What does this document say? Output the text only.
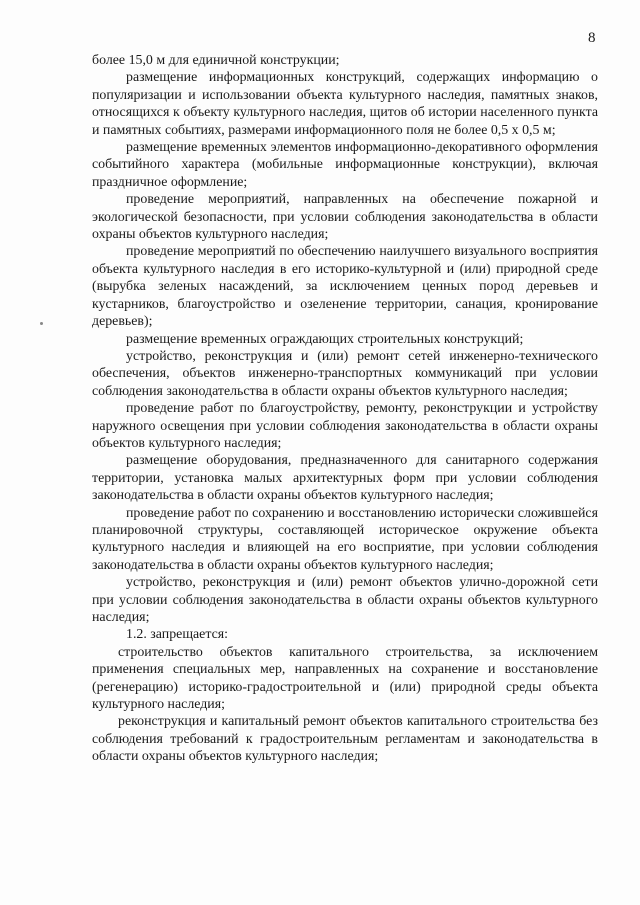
8

более 15,0 м для единичной конструкции;

размещение информационных конструкций, содержащих информацию о популяризации и использовании объекта культурного наследия, памятных знаков, относящихся к объекту культурного наследия, щитов об истории населенного пункта и памятных событиях, размерами информационного поля не более 0,5 х 0,5 м;

размещение временных элементов информационно-декоративного оформления событийного характера (мобильные информационные конструкции), включая праздничное оформление;

проведение мероприятий, направленных на обеспечение пожарной и экологической безопасности, при условии соблюдения законодательства в области охраны объектов культурного наследия;

проведение мероприятий по обеспечению наилучшего визуального восприятия объекта культурного наследия в его историко-культурной и (или) природной среде (вырубка зеленых насаждений, за исключением ценных пород деревьев и кустарников, благоустройство и озеленение территории, санация, кронирование деревьев);

размещение временных ограждающих строительных конструкций;

устройство, реконструкция и (или) ремонт сетей инженерно-технического обеспечения, объектов инженерно-транспортных коммуникаций при условии соблюдения законодательства в области охраны объектов культурного наследия;

проведение работ по благоустройству, ремонту, реконструкции и устройству наружного освещения при условии соблюдения законодательства в области охраны объектов культурного наследия;

размещение оборудования, предназначенного для санитарного содержания территории, установка малых архитектурных форм при условии соблюдения законодательства в области охраны объектов культурного наследия;

проведение работ по сохранению и восстановлению исторически сложившейся планировочной структуры, составляющей историческое окружение объекта культурного наследия и влияющей на его восприятие, при условии соблюдения законодательства в области охраны объектов культурного наследия;

устройство, реконструкция и (или) ремонт объектов улично-дорожной сети при условии соблюдения законодательства в области охраны объектов культурного наследия;

1.2. запрещается:

строительство объектов капитального строительства, за исключением применения специальных мер, направленных на сохранение и восстановление (регенерацию) историко-градостроительной и (или) природной среды объекта культурного наследия;

реконструкция и капитальный ремонт объектов капитального строительства без соблюдения требований к градостроительным регламентам и законодательства в области охраны объектов культурного наследия;
